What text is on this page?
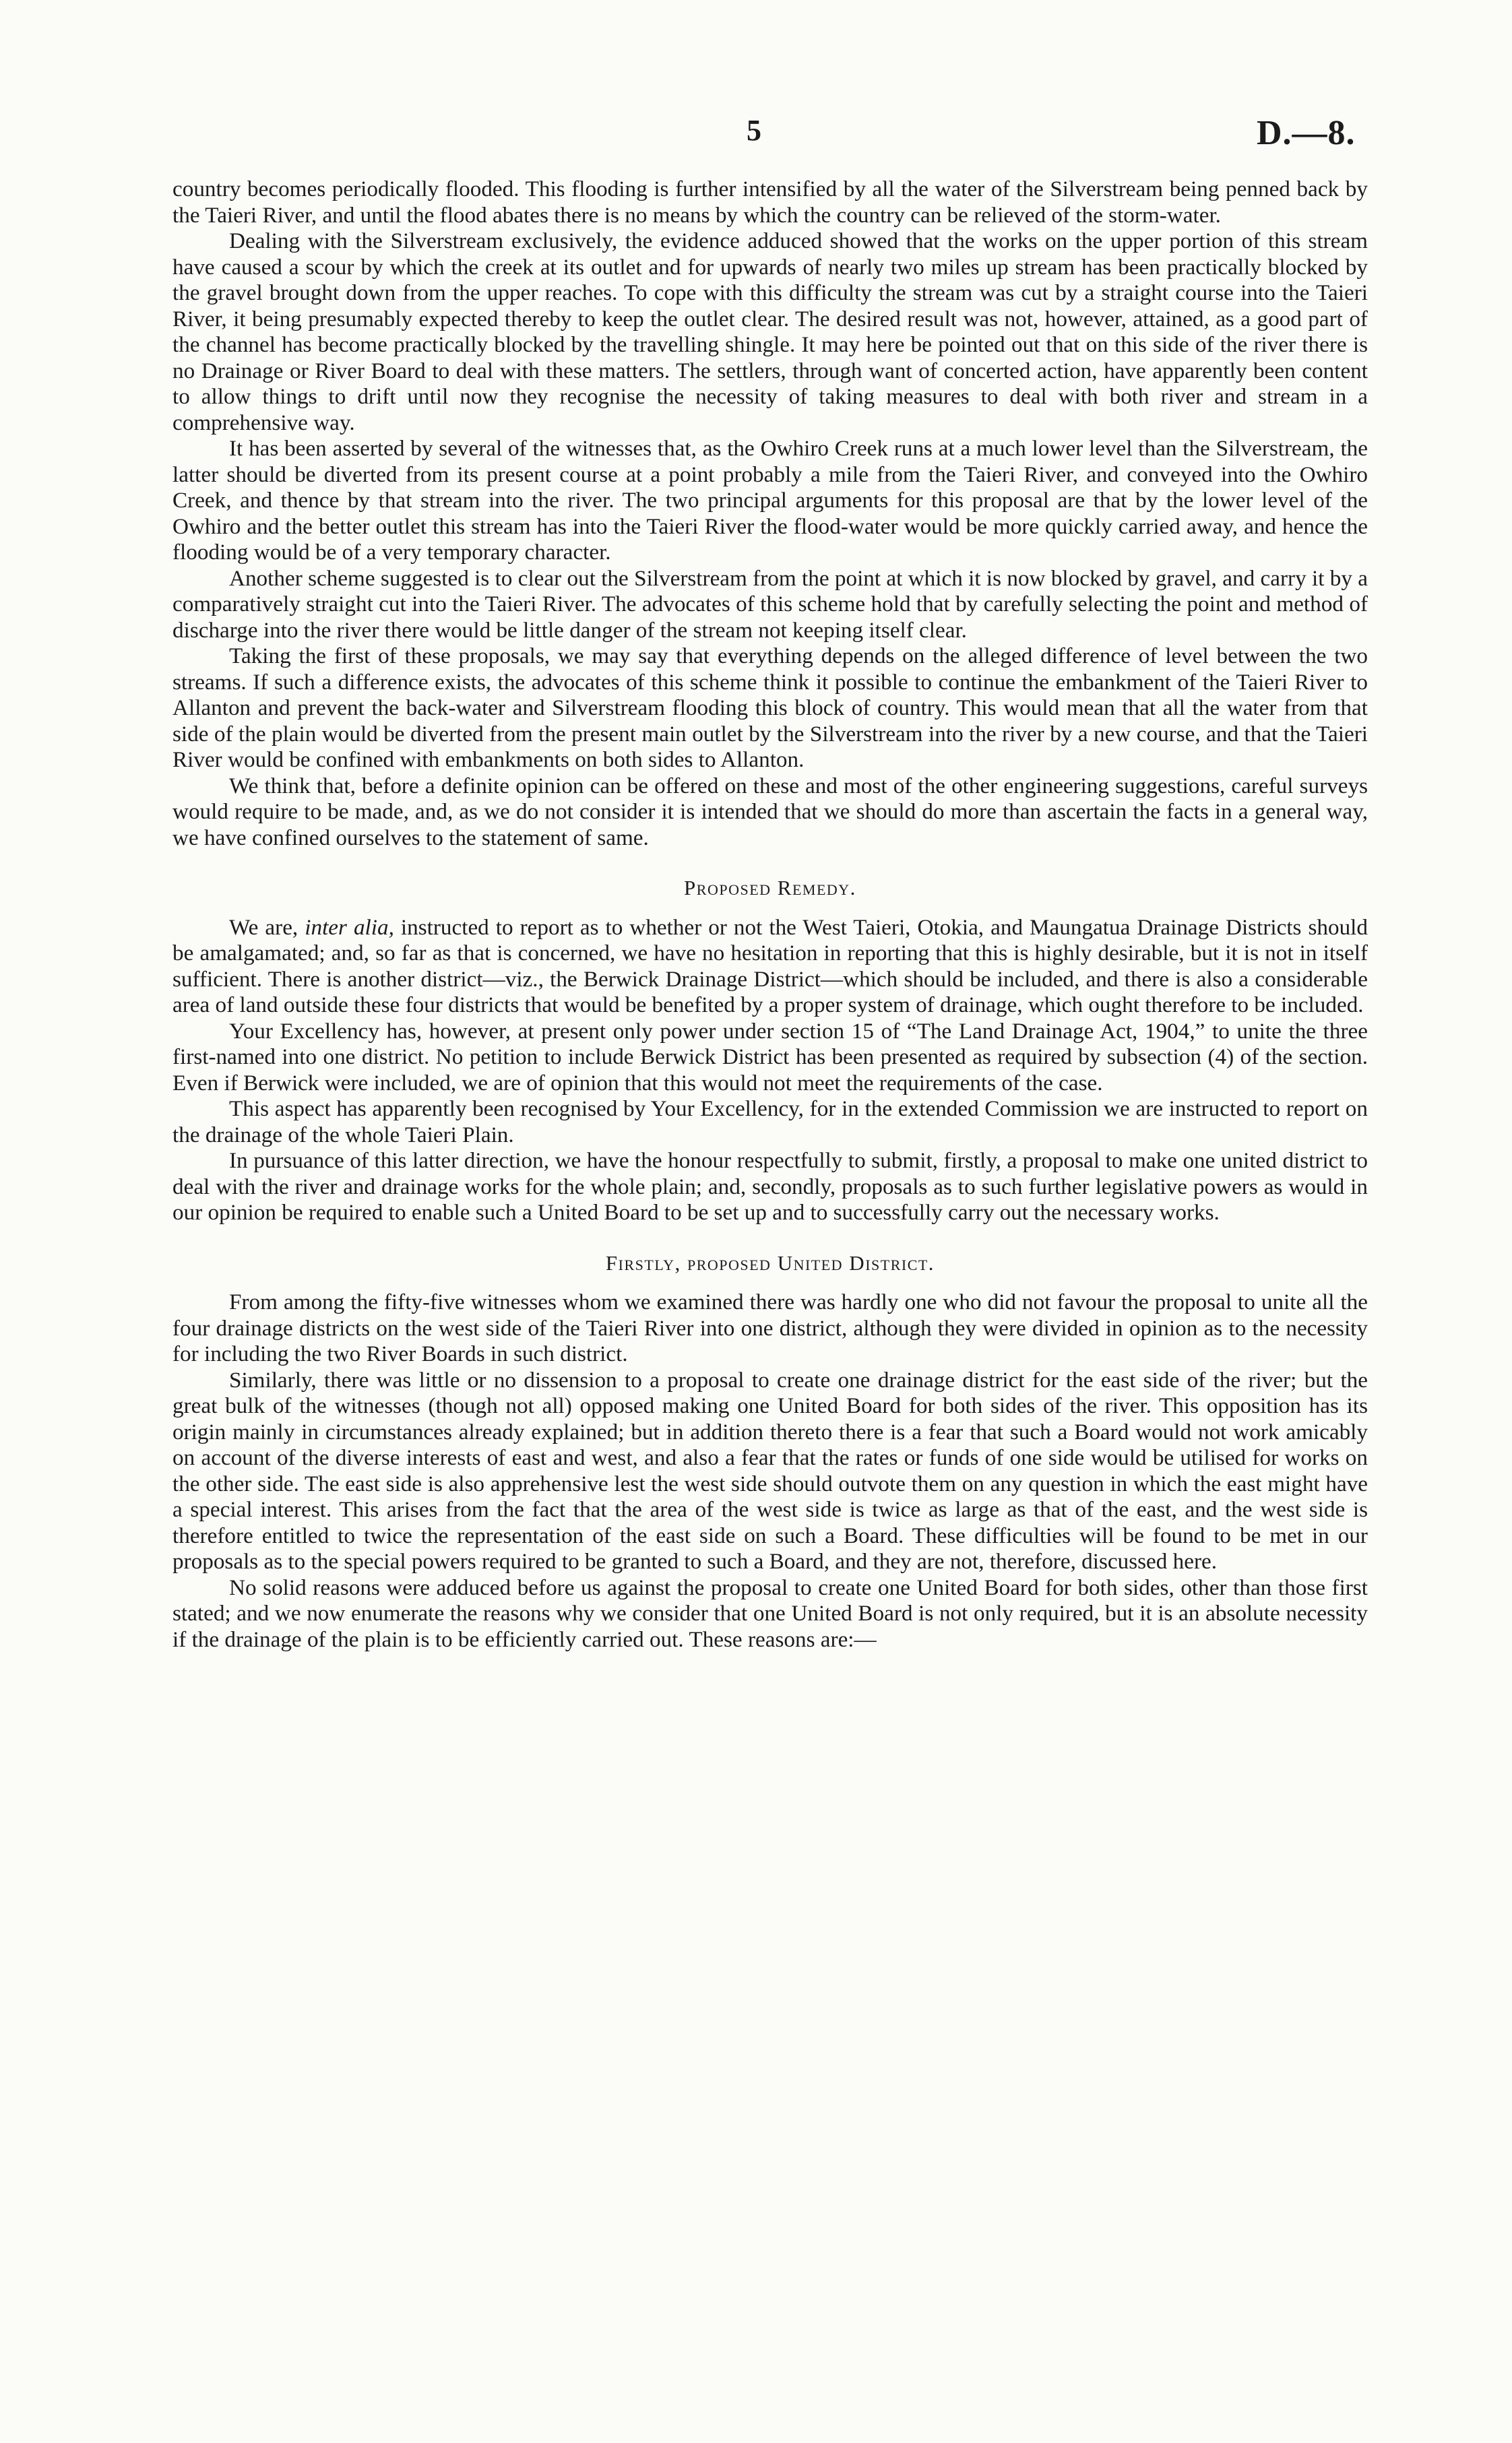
5	D.—8.

country becomes periodically flooded. This flooding is further intensified by all the water of the Silverstream being penned back by the Taieri River, and until the flood abates there is no means by which the country can be relieved of the storm-water.

Dealing with the Silverstream exclusively, the evidence adduced showed that the works on the upper portion of this stream have caused a scour by which the creek at its outlet and for upwards of nearly two miles up stream has been practically blocked by the gravel brought down from the upper reaches. To cope with this difficulty the stream was cut by a straight course into the Taieri River, it being presumably expected thereby to keep the outlet clear. The desired result was not, however, attained, as a good part of the channel has become practically blocked by the travelling shingle. It may here be pointed out that on this side of the river there is no Drainage or River Board to deal with these matters. The settlers, through want of concerted action, have apparently been content to allow things to drift until now they recognise the necessity of taking measures to deal with both river and stream in a comprehensive way.

It has been asserted by several of the witnesses that, as the Owhiro Creek runs at a much lower level than the Silverstream, the latter should be diverted from its present course at a point probably a mile from the Taieri River, and conveyed into the Owhiro Creek, and thence by that stream into the river. The two principal arguments for this proposal are that by the lower level of the Owhiro and the better outlet this stream has into the Taieri River the flood-water would be more quickly carried away, and hence the flooding would be of a very temporary character.

Another scheme suggested is to clear out the Silverstream from the point at which it is now blocked by gravel, and carry it by a comparatively straight cut into the Taieri River. The advocates of this scheme hold that by carefully selecting the point and method of discharge into the river there would be little danger of the stream not keeping itself clear.

Taking the first of these proposals, we may say that everything depends on the alleged difference of level between the two streams. If such a difference exists, the advocates of this scheme think it possible to continue the embankment of the Taieri River to Allanton and prevent the back-water and Silverstream flooding this block of country. This would mean that all the water from that side of the plain would be diverted from the present main outlet by the Silverstream into the river by a new course, and that the Taieri River would be confined with embankments on both sides to Allanton.

We think that, before a definite opinion can be offered on these and most of the other engineering suggestions, careful surveys would require to be made, and, as we do not consider it is intended that we should do more than ascertain the facts in a general way, we have confined ourselves to the statement of same.

Proposed Remedy.

We are, inter alia, instructed to report as to whether or not the West Taieri, Otokia, and Maungatua Drainage Districts should be amalgamated; and, so far as that is concerned, we have no hesitation in reporting that this is highly desirable, but it is not in itself sufficient. There is another district—viz., the Berwick Drainage District—which should be included, and there is also a considerable area of land outside these four districts that would be benefited by a proper system of drainage, which ought therefore to be included.

Your Excellency has, however, at present only power under section 15 of “The Land Drainage Act, 1904,” to unite the three first-named into one district. No petition to include Berwick District has been presented as required by subsection (4) of the section. Even if Berwick were included, we are of opinion that this would not meet the requirements of the case.

This aspect has apparently been recognised by Your Excellency, for in the extended Commission we are instructed to report on the drainage of the whole Taieri Plain.

In pursuance of this latter direction, we have the honour respectfully to submit, firstly, a proposal to make one united district to deal with the river and drainage works for the whole plain; and, secondly, proposals as to such further legislative powers as would in our opinion be required to enable such a United Board to be set up and to successfully carry out the necessary works.

Firstly, proposed United District.

From among the fifty-five witnesses whom we examined there was hardly one who did not favour the proposal to unite all the four drainage districts on the west side of the Taieri River into one district, although they were divided in opinion as to the necessity for including the two River Boards in such district.

Similarly, there was little or no dissension to a proposal to create one drainage district for the east side of the river; but the great bulk of the witnesses (though not all) opposed making one United Board for both sides of the river. This opposition has its origin mainly in circumstances already explained; but in addition thereto there is a fear that such a Board would not work amicably on account of the diverse interests of east and west, and also a fear that the rates or funds of one side would be utilised for works on the other side. The east side is also apprehensive lest the west side should outvote them on any question in which the east might have a special interest. This arises from the fact that the area of the west side is twice as large as that of the east, and the west side is therefore entitled to twice the representation of the east side on such a Board. These difficulties will be found to be met in our proposals as to the special powers required to be granted to such a Board, and they are not, therefore, discussed here.

No solid reasons were adduced before us against the proposal to create one United Board for both sides, other than those first stated; and we now enumerate the reasons why we consider that one United Board is not only required, but it is an absolute necessity if the drainage of the plain is to be efficiently carried out. These reasons are:—
